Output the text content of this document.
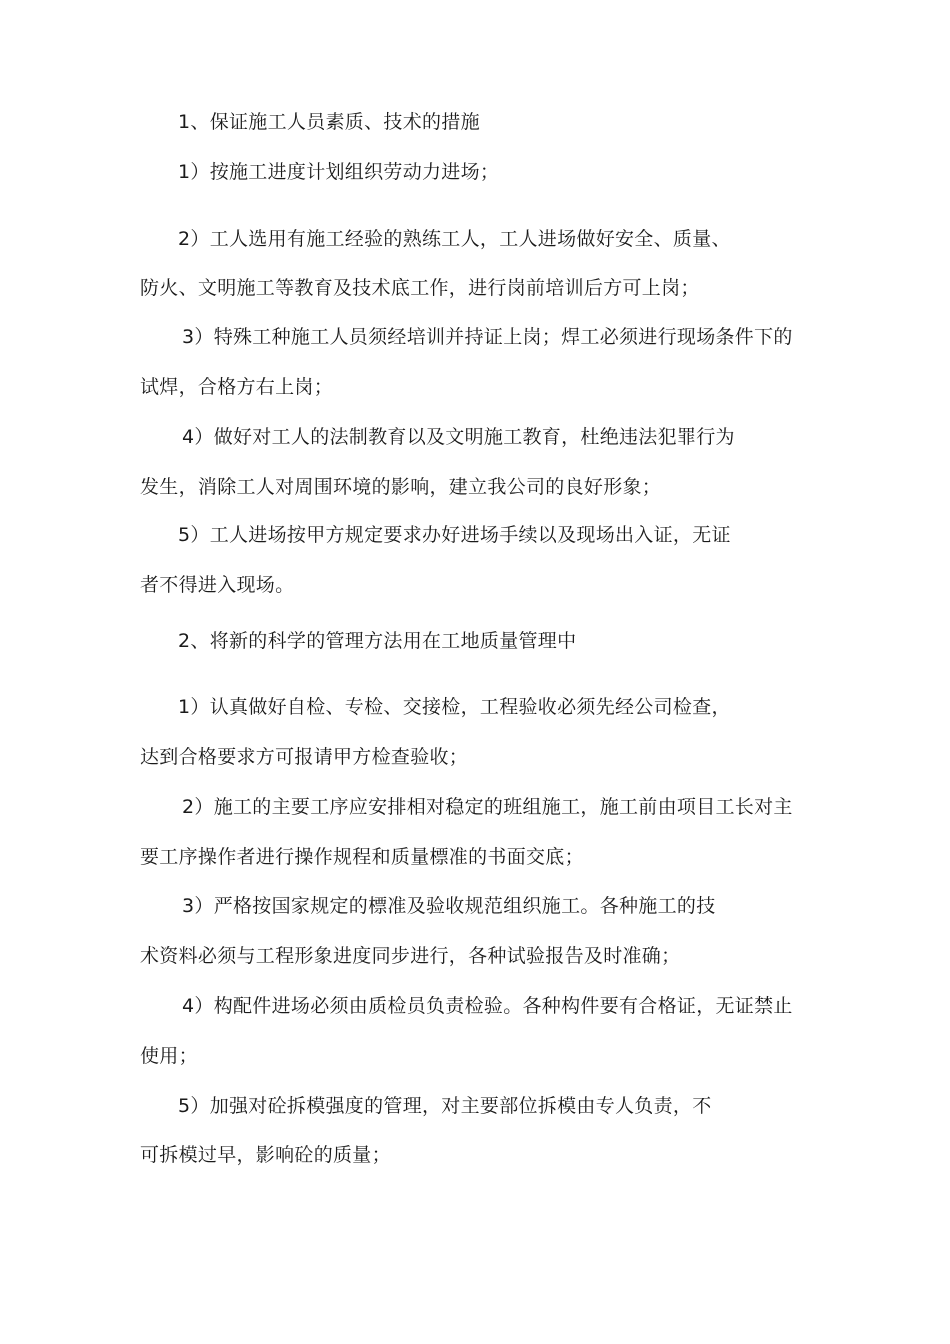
1、保证施工人员素质、技术的措施
1）按施工进度计划组织劳动力进场；
2）工人选用有施工经验的熟练工人，工人进场做好安全、质量、
防火、文明施工等教育及技术底工作，进行岗前培训后方可上岗；
3）特殊工种施工人员须经培训并持证上岗；焊工必须进行现场条件下的
试焊，合格方右上岗；
4）做好对工人的法制教育以及文明施工教育，杜绝违法犯罪行为
发生，消除工人对周围环境的影响，建立我公司的良好形象；
5）工人进场按甲方规定要求办好进场手续以及现场出入证，无证
者不得进入现场。
2、将新的科学的管理方法用在工地质量管理中
1）认真做好自检、专检、交接检，工程验收必须先经公司检查，
达到合格要求方可报请甲方检查验收；
2）施工的主要工序应安排相对稳定的班组施工，施工前由项目工长对主
要工序操作者进行操作规程和质量標准的书面交底；
3）严格按国家规定的標准及验收规范组织施工。各种施工的技
术资料必须与工程形象进度同步进行，各种试验报告及时准确；
4）构配件进场必须由质检员负责检验。各种构件要有合格证，无证禁止
使用；
5）加强对砼拆模强度的管理，对主要部位拆模由专人负责，不
可拆模过早，影响砼的质量；
